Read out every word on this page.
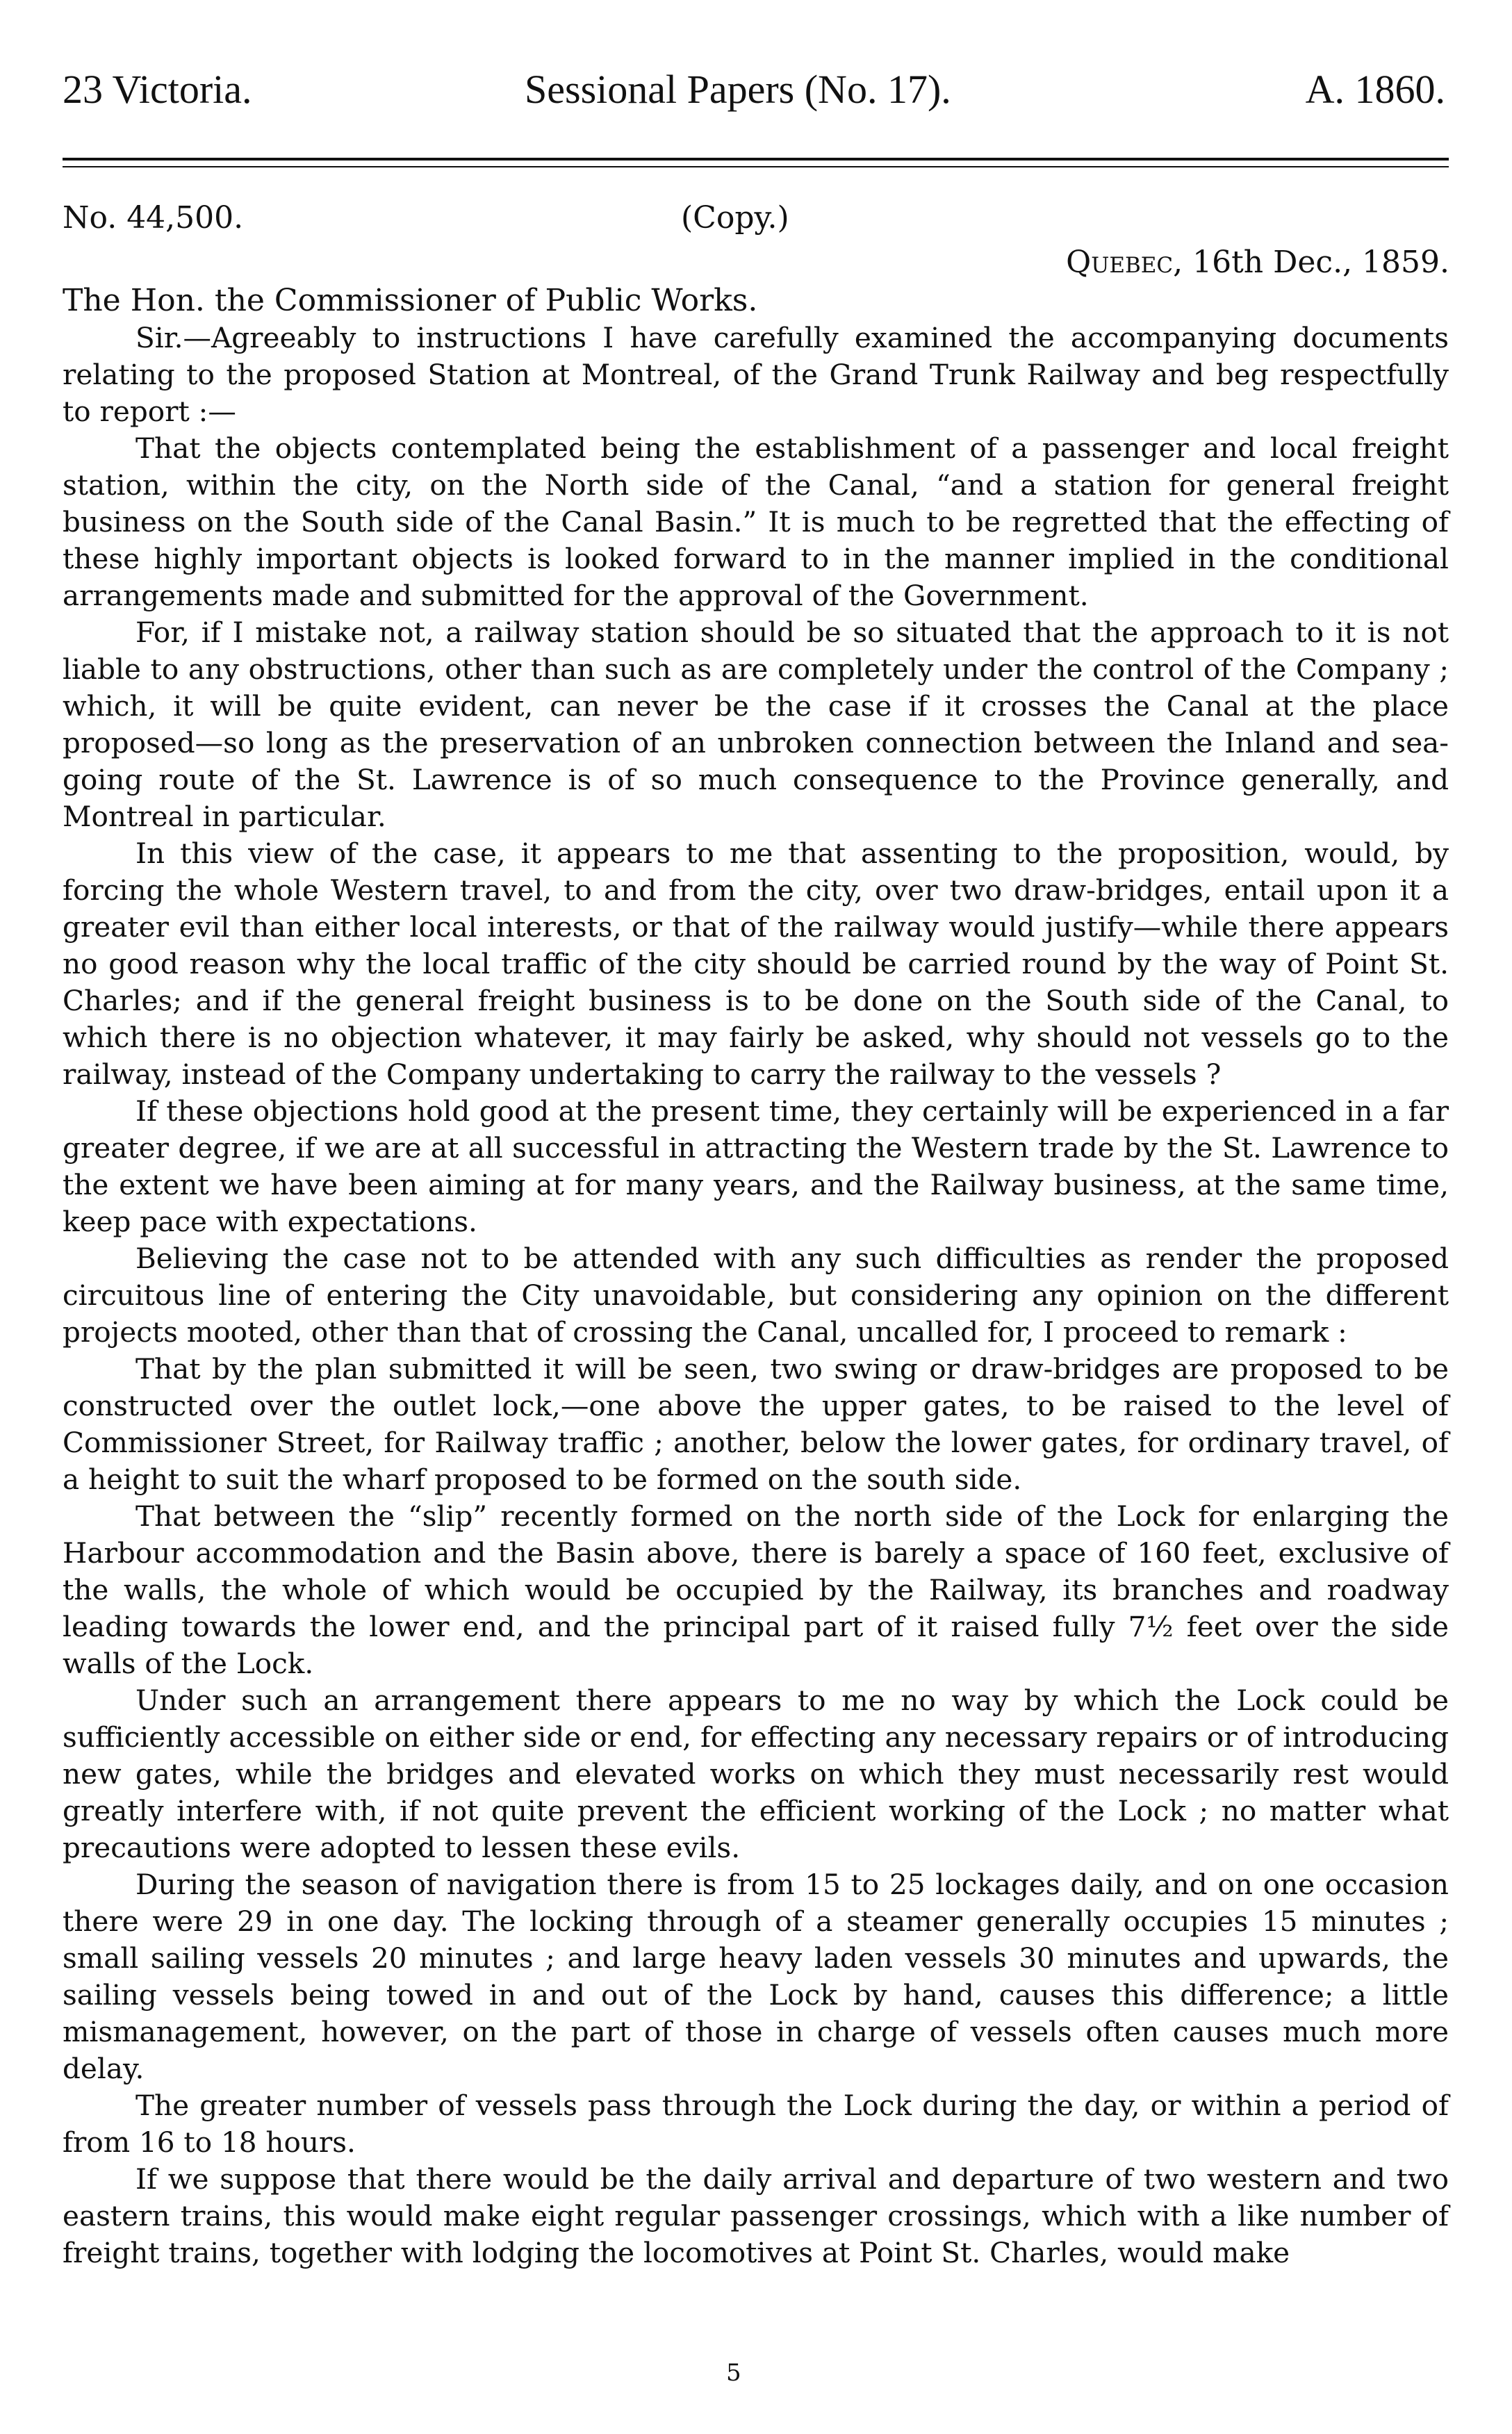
23 Victoria.	Sessional Papers (No. 17).	A. 1860.
No. 44,500.	(Copy.)
Quebec, 16th Dec., 1859.
The Hon. the Commissioner of Public Works.

Sir.—Agreeably to instructions I have carefully examined the accompanying documents relating to the proposed Station at Montreal, of the Grand Trunk Railway and beg respectfully to report :—

That the objects contemplated being the establishment of a passenger and local freight station, within the city, on the North side of the Canal, “and a station for general freight business on the South side of the Canal Basin.” It is much to be regretted that the effecting of these highly important objects is looked forward to in the manner implied in the conditional arrangements made and submitted for the approval of the Government.

For, if I mistake not, a railway station should be so situated that the approach to it is not liable to any obstructions, other than such as are completely under the control of the Company ; which, it will be quite evident, can never be the case if it crosses the Canal at the place proposed—so long as the preservation of an unbroken connection between the Inland and sea-going route of the St. Lawrence is of so much consequence to the Province generally, and Montreal in particular.

In this view of the case, it appears to me that assenting to the proposition, would, by forcing the whole Western travel, to and from the city, over two draw-bridges, entail upon it a greater evil than either local interests, or that of the railway would justify—while there appears no good reason why the local traffic of the city should be carried round by the way of Point St. Charles; and if the general freight business is to be done on the South side of the Canal, to which there is no objection whatever, it may fairly be asked, why should not vessels go to the railway, instead of the Company undertaking to carry the railway to the vessels ?

If these objections hold good at the present time, they certainly will be experienced in a far greater degree, if we are at all successful in attracting the Western trade by the St. Lawrence to the extent we have been aiming at for many years, and the Railway business, at the same time, keep pace with expectations.

Believing the case not to be attended with any such difficulties as render the proposed circuitous line of entering the City unavoidable, but considering any opinion on the different projects mooted, other than that of crossing the Canal, uncalled for, I proceed to remark :

That by the plan submitted it will be seen, two swing or draw-bridges are proposed to be constructed over the outlet lock,—one above the upper gates, to be raised to the level of Commissioner Street, for Railway traffic ; another, below the lower gates, for ordinary travel, of a height to suit the wharf proposed to be formed on the south side.

That between the “slip” recently formed on the north side of the Lock for enlarging the Harbour accommodation and the Basin above, there is barely a space of 160 feet, exclusive of the walls, the whole of which would be occupied by the Railway, its branches and roadway leading towards the lower end, and the principal part of it raised fully 7½ feet over the side walls of the Lock.

Under such an arrangement there appears to me no way by which the Lock could be sufficiently accessible on either side or end, for effecting any necessary repairs or of introducing new gates, while the bridges and elevated works on which they must necessarily rest would greatly interfere with, if not quite prevent the efficient working of the Lock ; no matter what precautions were adopted to lessen these evils.

During the season of navigation there is from 15 to 25 lockages daily, and on one occasion there were 29 in one day. The locking through of a steamer generally occupies 15 minutes ; small sailing vessels 20 minutes ; and large heavy laden vessels 30 minutes and upwards, the sailing vessels being towed in and out of the Lock by hand, causes this difference; a little mismanagement, however, on the part of those in charge of vessels often causes much more delay.

The greater number of vessels pass through the Lock during the day, or within a period of from 16 to 18 hours.

If we suppose that there would be the daily arrival and departure of two western and two eastern trains, this would make eight regular passenger crossings, which with a like number of freight trains, together with lodging the locomotives at Point St. Charles, would make

5
